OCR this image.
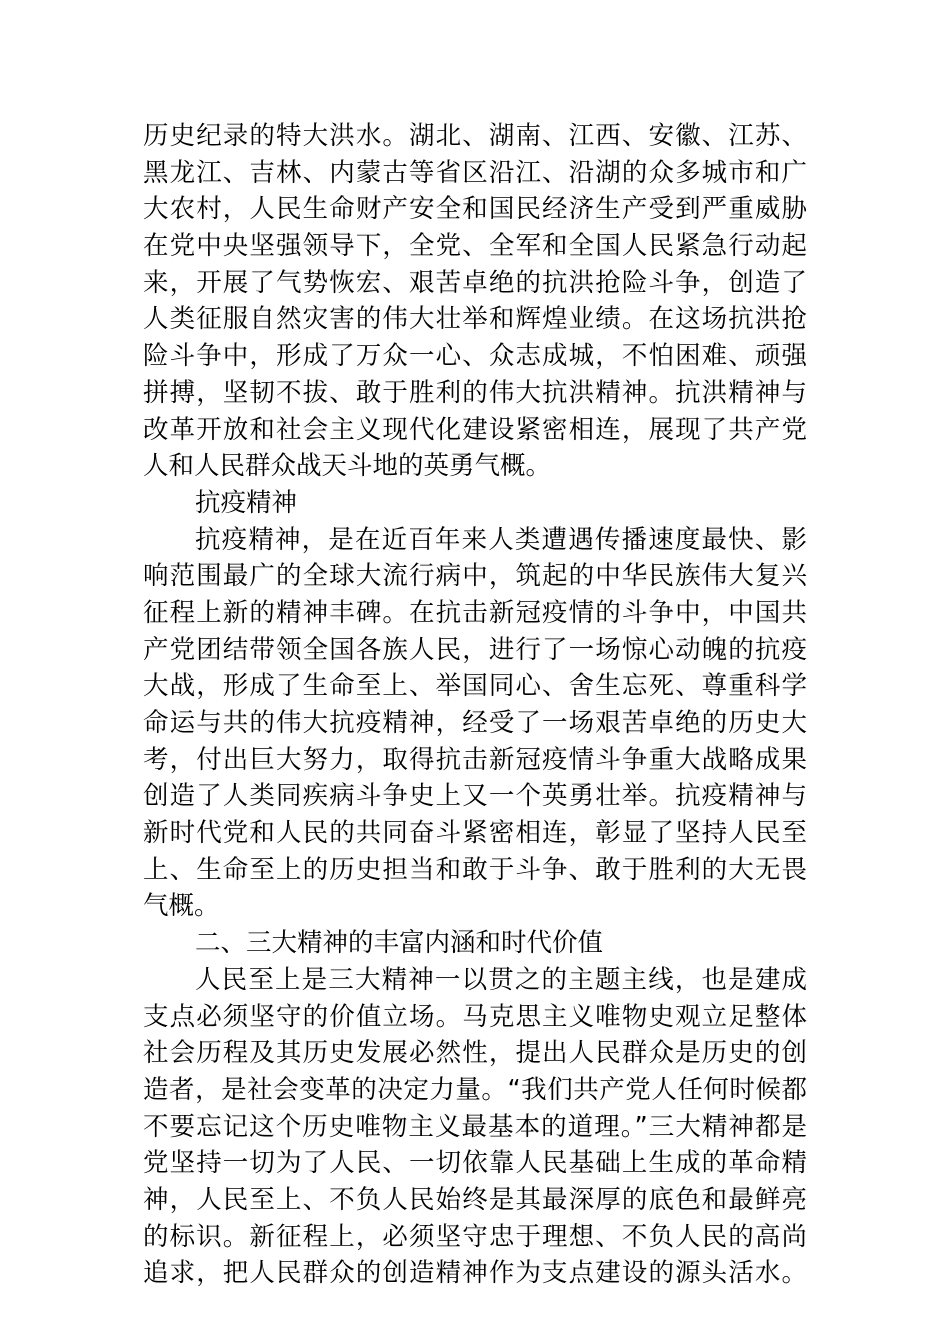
历史纪录的特大洪水。湖北、湖南、江西、安徽、江苏、
黑龙江、吉林、内蒙古等省区沿江、沿湖的众多城市和广
大农村，人民生命财产安全和国民经济生产受到严重威胁
在党中央坚强领导下，全党、全军和全国人民紧急行动起
来，开展了气势恢宏、艰苦卓绝的抗洪抢险斗争，创造了
人类征服自然灾害的伟大壮举和辉煌业绩。在这场抗洪抢
险斗争中，形成了万众一心、众志成城，不怕困难、顽强
拼搏，坚韧不拔、敢于胜利的伟大抗洪精神。抗洪精神与
改革开放和社会主义现代化建设紧密相连，展现了共产党
人和人民群众战天斗地的英勇气概。
抗疫精神
抗疫精神，是在近百年来人类遭遇传播速度最快、影
响范围最广的全球大流行病中，筑起的中华民族伟大复兴
征程上新的精神丰碑。在抗击新冠疫情的斗争中，中国共
产党团结带领全国各族人民，进行了一场惊心动魄的抗疫
大战，形成了生命至上、举国同心、舍生忘死、尊重科学
命运与共的伟大抗疫精神，经受了一场艰苦卓绝的历史大
考，付出巨大努力，取得抗击新冠疫情斗争重大战略成果
创造了人类同疾病斗争史上又一个英勇壮举。抗疫精神与
新时代党和人民的共同奋斗紧密相连，彰显了坚持人民至
上、生命至上的历史担当和敢于斗争、敢于胜利的大无畏
气概。
二、三大精神的丰富内涵和时代价值
人民至上是三大精神一以贯之的主题主线，也是建成
支点必须坚守的价值立场。马克思主义唯物史观立足整体
社会历程及其历史发展必然性，提出人民群众是历史的创
造者，是社会变革的决定力量。“我们共产党人任何时候都
不要忘记这个历史唯物主义最基本的道理。”三大精神都是
党坚持一切为了人民、一切依靠人民基础上生成的革命精
神，人民至上、不负人民始终是其最深厚的底色和最鲜亮
的标识。新征程上，必须坚守忠于理想、不负人民的高尚
追求，把人民群众的创造精神作为支点建设的源头活水。
